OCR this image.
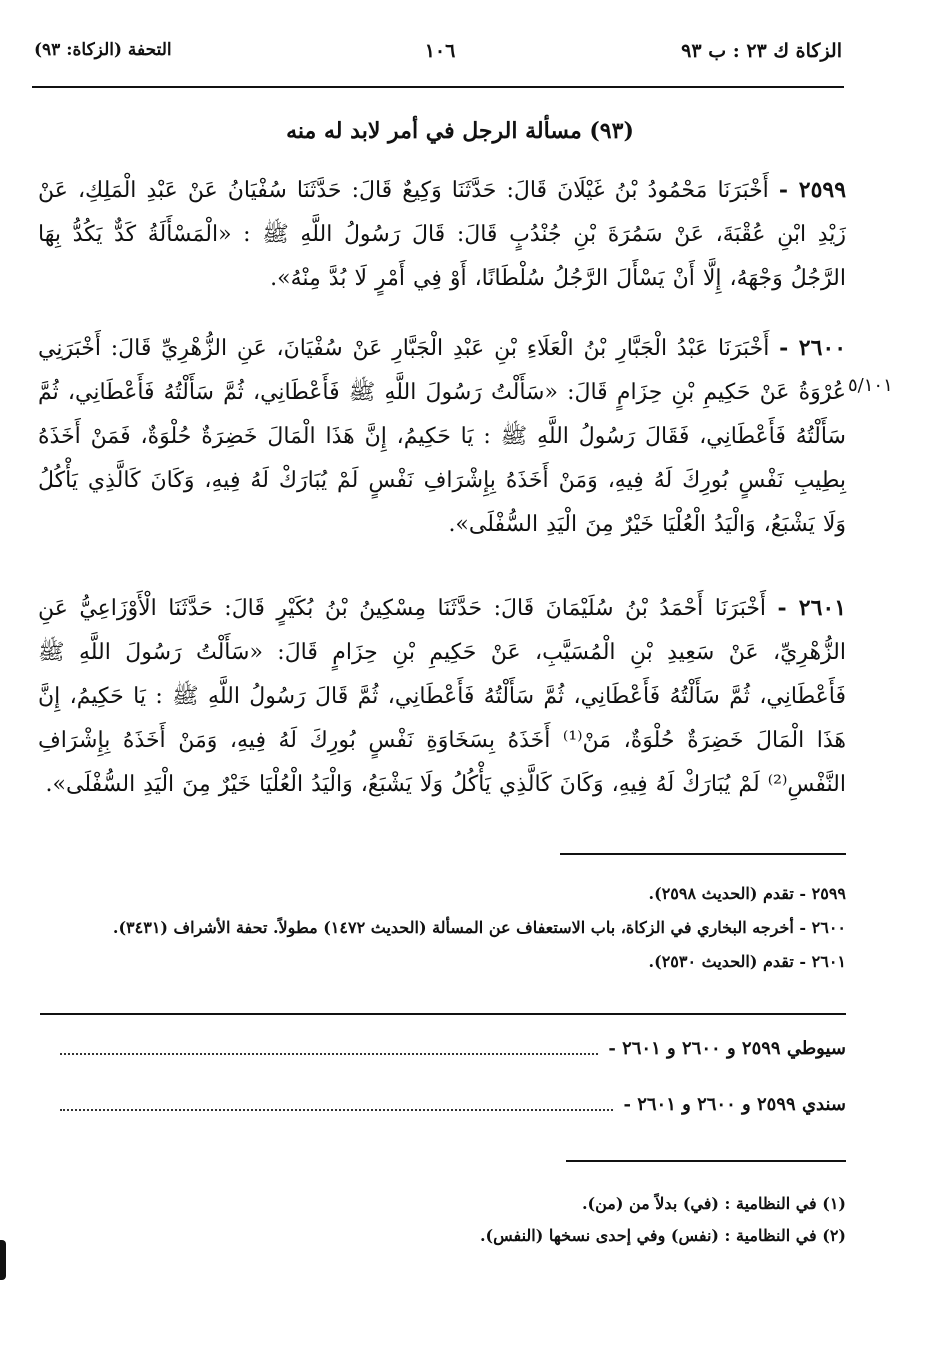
الزكاة ك ٢٣ : ب ٩٣
١٠٦
التحفة (الزكاة: ٩٣)
(٩٣) مسألة الرجل في أمر لابد له منه
٢٥٩٩ - أَخْبَرَنَا مَحْمُودُ بْنُ غَيْلَانَ قَالَ: حَدَّثَنَا وَكِيعٌ قَالَ: حَدَّثَنَا سُفْيَانُ عَنْ عَبْدِ الْمَلِكِ، عَنْ زَيْدِ ابْنِ عُقْبَةَ، عَنْ سَمُرَةَ بْنِ جُنْدُبٍ قَالَ: قَالَ رَسُولُ اللَّهِ ﷺ : «الْمَسْأَلَةُ كَدٌّ يَكُدُّ بِهَا الرَّجُلُ وَجْهَهُ، إِلَّا أَنْ يَسْأَلَ الرَّجُلُ سُلْطَانًا، أَوْ فِي أَمْرٍ لَا بُدَّ مِنْهُ».
٢٦٠٠ - أَخْبَرَنَا عَبْدُ الْجَبَّارِ بْنُ الْعَلَاءِ بْنِ عَبْدِ الْجَبَّارِ عَنْ سُفْيَانَ، عَنِ الزُّهْرِيِّ قَالَ: أَخْبَرَنِي عُرْوَةُ عَنْ حَكِيمِ بْنِ حِزَامٍ قَالَ: «سَأَلْتُ رَسُولَ اللَّهِ ﷺ فَأَعْطَانِي، ثُمَّ سَأَلْتُهُ فَأَعْطَانِي، ثُمَّ سَأَلْتُهُ فَأَعْطَانِي، فَقَالَ رَسُولُ اللَّهِ ﷺ : يَا حَكِيمُ، إِنَّ هَذَا الْمَالَ خَضِرَةٌ حُلْوَةٌ، فَمَنْ أَخَذَهُ بِطِيبِ نَفْسٍ بُورِكَ لَهُ فِيهِ، وَمَنْ أَخَذَهُ بِإِشْرَافِ نَفْسٍ لَمْ يُبَارَكْ لَهُ فِيهِ، وَكَانَ كَالَّذِي يَأْكُلُ وَلَا يَشْبَعُ، وَالْيَدُ الْعُلْيَا خَيْرٌ مِنَ الْيَدِ السُّفْلَى».
٥/١٠١
٢٦٠١ - أَخْبَرَنَا أَحْمَدُ بْنُ سُلَيْمَانَ قَالَ: حَدَّثَنَا مِسْكِينُ بْنُ بُكَيْرٍ قَالَ: حَدَّثَنَا الْأَوْزَاعِيُّ عَنِ الزُّهْرِيِّ، عَنْ سَعِيدِ بْنِ الْمُسَيَّبِ، عَنْ حَكِيمِ بْنِ حِزَامٍ قَالَ: «سَأَلْتُ رَسُولَ اللَّهِ ﷺ فَأَعْطَانِي، ثُمَّ سَأَلْتُهُ فَأَعْطَانِي، ثُمَّ سَأَلْتُهُ فَأَعْطَانِي، ثُمَّ قَالَ رَسُولُ اللَّهِ ﷺ : يَا حَكِيمُ، إِنَّ هَذَا الْمَالَ خَضِرَةٌ حُلْوَةٌ، مَنْ⁽¹⁾ أَخَذَهُ بِسَخَاوَةِ نَفْسٍ بُورِكَ لَهُ فِيهِ، وَمَنْ أَخَذَهُ بِإِشْرَافِ النَّفْسِ⁽²⁾ لَمْ يُبَارَكْ لَهُ فِيهِ، وَكَانَ كَالَّذِي يَأْكُلُ وَلَا يَشْبَعُ، وَالْيَدُ الْعُلْيَا خَيْرٌ مِنَ الْيَدِ السُّفْلَى».
٢٥٩٩ - تقدم (الحديث ٢٥٩٨).
٢٦٠٠ - أخرجه البخاري في الزكاة، باب الاستعفاف عن المسألة (الحديث ١٤٧٢) مطولاً. تحفة الأشراف (٣٤٣١).
٢٦٠١ - تقدم (الحديث ٢٥٣٠).
سيوطي ٢٥٩٩ و ٢٦٠٠ و ٢٦٠١ -
سندي ٢٥٩٩ و ٢٦٠٠ و ٢٦٠١ -
(١) في النظامية : (في) بدلاً من (من).
(٢) في النظامية : (نفس) وفي إحدى نسخها (النفس).
